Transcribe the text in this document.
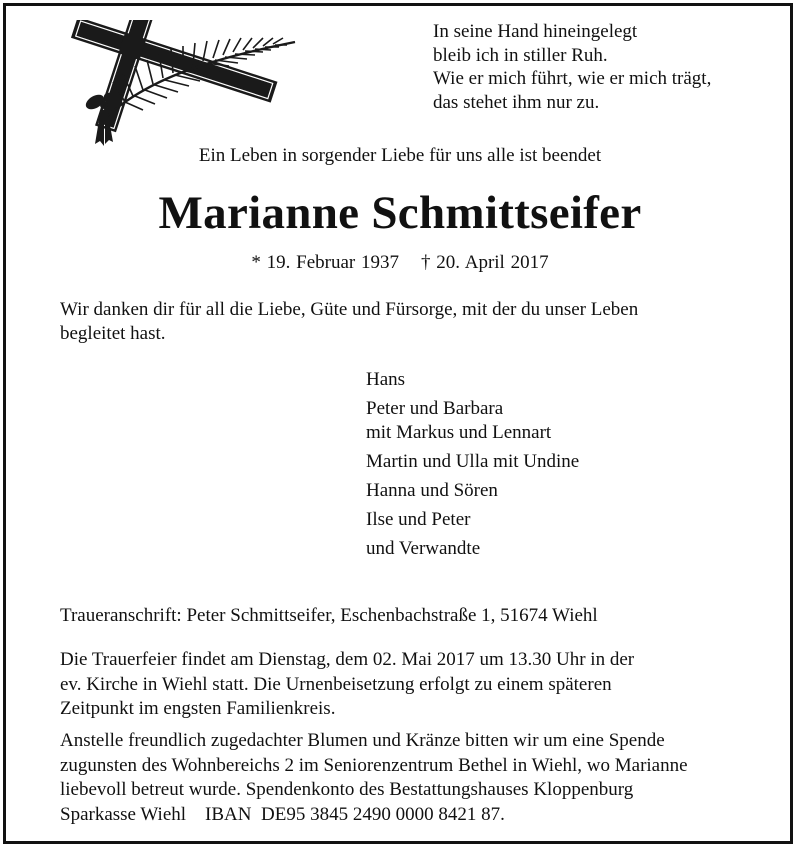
In seine Hand hineingelegt
bleib ich in stiller Ruh.
Wie er mich führt, wie er mich trägt,
das stehet ihm nur zu.
Ein Leben in sorgender Liebe für uns alle ist beendet
Marianne Schmittseifer
* 19. Februar 1937 † 20. April 2017
Wir danken dir für all die Liebe, Güte und Fürsorge, mit der du unser Leben
begleitet hast.
Hans
Peter und Barbara
mit Markus und Lennart
Martin und Ulla mit Undine
Hanna und Sören
Ilse und Peter
und Verwandte
Traueranschrift: Peter Schmittseifer, Eschenbachstraße 1, 51674 Wiehl
Die Trauerfeier findet am Dienstag, dem 02. Mai 2017 um 13.30 Uhr in der
ev. Kirche in Wiehl statt. Die Urnenbeisetzung erfolgt zu einem späteren
Zeitpunkt im engsten Familienkreis.
Anstelle freundlich zugedachter Blumen und Kränze bitten wir um eine Spende
zugunsten des Wohnbereichs 2 im Seniorenzentrum Bethel in Wiehl, wo Marianne
liebevoll betreut wurde. Spendenkonto des Bestattungshauses Kloppenburg
Sparkasse Wiehl    IBAN  DE95 3845 2490 0000 8421 87.
